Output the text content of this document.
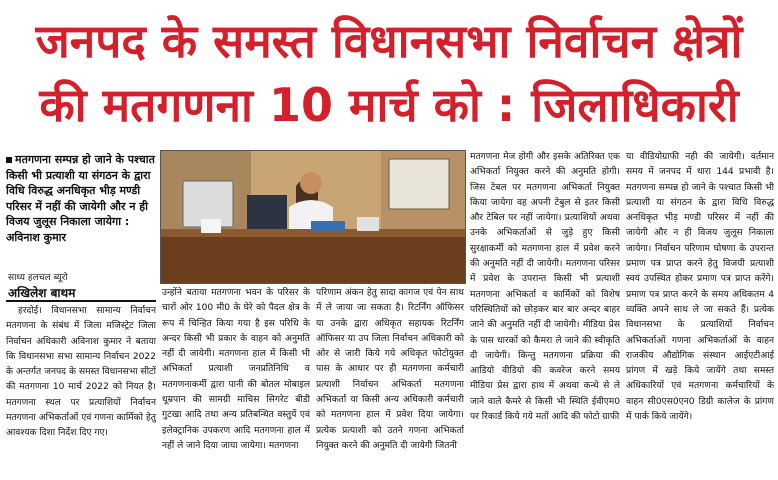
जनपद के समस्त विधानसभा निर्वाचन क्षेत्रों
की मतगणना 10 मार्च को : जिलाधिकारी
मतगणना सम्पन्न हो जाने के पश्चात किसी भी प्रत्याशी या संगठन के द्वारा विधि विरुद्ध अनधिकृत भीड़ मण्डी परिसर में नहीं की जायेगी और न ही विजय जुलूस निकाला जायेगा : अविनाश कुमार
साध्य हलचल ब्यूरो
अखिलेश बाथम

हरदोई। विधानसभा सामान्य निर्वाचन मतगणना के संबंध में जिला मजिस्ट्रेट जिला निर्वाचन अधिकारी अविनाश कुमार ने बताया कि विधानसभा सभा सामान्य निर्वाचन 2022 के अन्तर्गत जनपद के समस्त विधानसभा सीटों की मतगणना 10 मार्च 2022 को नियत है। मतगणना स्थल पर प्रत्याशियों निर्वाचन मतगणना अभिकर्ताओं एवं गणना कार्मिको हेतु आवश्यक दिशा निर्देश दिए गए।

उन्होंने बताया मतगणना भवन के परिसर के चारों ओर 100 मी0 के घेरे को पैदल क्षेत्र के रूप में चिन्हित किया गया है इस परिधि के अन्दर किसी भी प्रकार के वाहन को अनुमति नहीं दी जायेगी। मतगणना हाल में किसी भी अभिकर्ता प्रत्याशी जनप्रतिनिधि व मतगणनाकर्मी द्वारा पानी की बोतल मोबाइल धूम्रपान की सामग्री माचिस सिगरेट बीडी गुटखा आदि तथा अन्य प्रतिबन्धित वस्तुयें एवं इलेक्ट्रानिक उपकरण आदि मतगणना हाल में नहीं ले जाने दिया जाया जायेगा। मतगणना

परिणाम अंकन हेतु सादा कागज एवं पेन साथ में ले जाया जा सकता है। रिटर्निंग ऑफिसर या उनके द्वारा अधिकृत सहायक रिटर्निंग ऑफिसर या उप जिला निर्वाचन अधिकारी को ओर से जारी किये गये अधिकृत फोटोयुक्त पास के आधार पर ही मतगणना कर्मचारी प्रत्याशी निर्वाचन अभिकर्ता मतगणना अभिकर्ता या किसी अन्य अधिकारी कर्मचारी को मतगणना हाल में प्रवेश दिया जायेगा। प्रत्येक प्रत्याशी को उतने गणना अभिकर्ता नियुक्त करने की अनुमति दी जायेगी जितनी

मतगणना मेज होगी और इसके अतिरिक्त एक अभिकर्ता नियुक्त करने की अनुमति होगी। जिस टेबल पर मतगणना अभिकर्ता नियुक्त किया जायेगा वह अपनी टेबुल से इतर किसी और टेबिल पर नहीं जायेगा। प्रत्याशियों अथवा उनके अभिकर्ताओं से जुड़े हुए किसी सुरक्षाकर्मी को मतगणना हाल में प्रवेश करने की अनुमति नहीं दी जायेगी। मतगणना परिसर में प्रवेश के उपरान्त किसी भी प्रत्याशी मतगणना अभिकर्ता व कार्मिकों को विशेष परिस्थितियों को छोड़कर बार बार अन्दर बाहर जाने की अनुमति नहीं दी जायेगी। मीडिया प्रेस के पास धारकों को कैमरा ले जाने की स्वीकृति दी जायेगी। किन्तु मतगणना प्रक्रिया की आडियो वीडियो की कवरेज करने समय मीडिया प्रेस द्वारा हाथ में अथवा कन्धे से ले जाने वाले कैमरे से किसी भी स्थिति ईवीएम0 पर रिकार्ड किये गये मतों आदि की फोटो ग्राफी

या वीडियोग्राफी नही की जायेगी। वर्तमान समय में जनपद में धारा 144 प्रभावी है। मतगणना सम्पन्न हो जाने के पश्चात किसी भी प्रत्याशी या संगठन के द्वारा विधि विरुद्ध अनधिकृत भीड़ मण्डी परिसर में नहीं की जायेगी और न ही विजय जुलूस निकाला जायेगा। निर्वाचन परिणाम घोषणा के उपरान्त प्रमाण पत्र प्राप्त करने हेतु विजयी प्रत्याशी स्वयं उपस्थित होकर प्रमाण पत्र प्राप्त करेंगे। प्रमाण पत्र प्राप्त करने के समय अधिकतम 4 व्यक्ति अपने साथ ले जा सकते हैं। प्रत्येक विधानसभा के प्रत्याशियों निर्वाचन अभिकर्ताओं गणना अभिकर्ताओं के वाहन राजकीय औद्योगिक संस्थान आईएटीआई प्रांगण में खड़े किये जायेंगे तथा समस्त अधिकारियों एवं मतगणना कर्मचारियों के वाहन सी0एस0एन0 डिग्री कालेज के प्रांगण में पार्क किये जायेंगे।
